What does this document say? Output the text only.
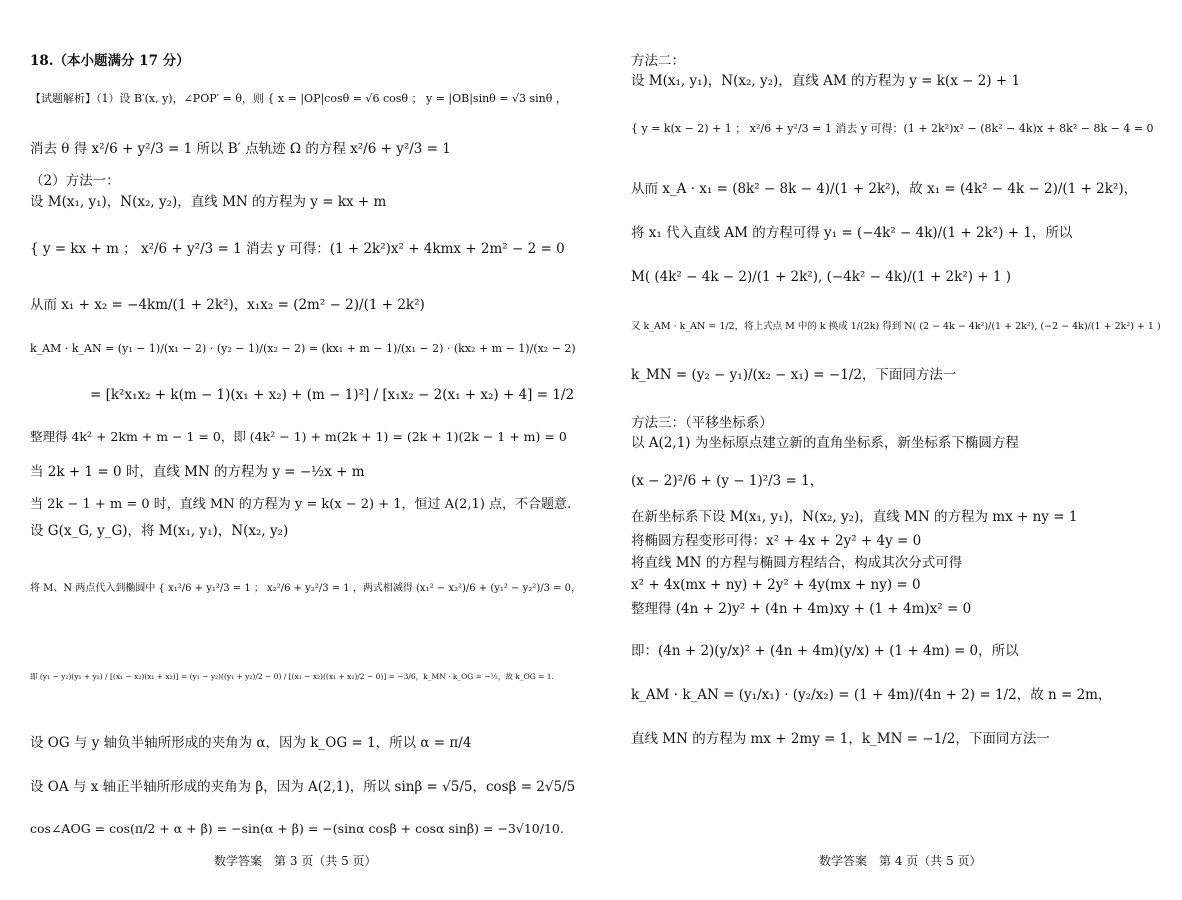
18.（本小题满分 17 分）
【试题解析】（1）设 B′(x, y)，∠POP′ = θ，则 { x = |OP|cosθ = √6 cosθ ； y = |OB|sinθ = √3 sinθ ，
消去 θ 得 x²/6 + y²/3 = 1 所以 B′ 点轨迹 Ω 的方程 x²/6 + y²/3 = 1
（2）方法一：
设 M(x₁, y₁)，N(x₂, y₂)，直线 MN 的方程为 y = kx + m
{ y = kx + m ； x²/6 + y²/3 = 1 消去 y 可得：(1 + 2k²)x² + 4kmx + 2m² − 2 = 0
从而 x₁ + x₂ = −4km/(1 + 2k²)，x₁x₂ = (2m² − 2)/(1 + 2k²)
k_AM · k_AN = (y₁ − 1)/(x₁ − 2) · (y₂ − 1)/(x₂ − 2) = (kx₁ + m − 1)/(x₁ − 2) · (kx₂ + m − 1)/(x₂ − 2)
= [k²x₁x₂ + k(m − 1)(x₁ + x₂) + (m − 1)²] / [x₁x₂ − 2(x₁ + x₂) + 4] = 1/2
整理得 4k² + 2km + m − 1 = 0，即 (4k² − 1) + m(2k + 1) = (2k + 1)(2k − 1 + m) = 0
当 2k + 1 = 0 时，直线 MN 的方程为 y = −½x + m
当 2k − 1 + m = 0 时，直线 MN 的方程为 y = k(x − 2) + 1，恒过 A(2,1) 点，不合题意.
设 G(x_G, y_G)，将 M(x₁, y₁)，N(x₂, y₂)
将 M、N 两点代入到椭圆中 { x₁²/6 + y₁²/3 = 1 ； x₂²/6 + y₂²/3 = 1 ，两式相减得 (x₁² − x₂²)/6 + (y₁² − y₂²)/3 = 0，
即 (y₁ − y₂)(y₁ + y₂) / [(x₁ − x₂)(x₁ + x₂)] = (y₁ − y₂)((y₁ + y₂)/2 − 0) / [(x₁ − x₂)((x₁ + x₂)/2 − 0)] = −3/6，k_MN · k_OG = −½，故 k_OG = 1.
设 OG 与 y 轴负半轴所形成的夹角为 α，因为 k_OG = 1，所以 α = π/4
设 OA 与 x 轴正半轴所形成的夹角为 β，因为 A(2,1)，所以 sinβ = √5/5，cosβ = 2√5/5
cos∠AOG = cos(π/2 + α + β) = −sin(α + β) = −(sinα cosβ + cosα sinβ) = −3√10/10.
数学答案　第 3 页（共 5 页）
方法二：
设 M(x₁, y₁)，N(x₂, y₂)，直线 AM 的方程为 y = k(x − 2) + 1
{ y = k(x − 2) + 1 ； x²/6 + y²/3 = 1 消去 y 可得：(1 + 2k²)x² − (8k² − 4k)x + 8k² − 8k − 4 = 0
从而 x_A · x₁ = (8k² − 8k − 4)/(1 + 2k²)，故 x₁ = (4k² − 4k − 2)/(1 + 2k²)，
将 x₁ 代入直线 AM 的方程可得 y₁ = (−4k² − 4k)/(1 + 2k²) + 1，所以
M( (4k² − 4k − 2)/(1 + 2k²), (−4k² − 4k)/(1 + 2k²) + 1 )
又 k_AM · k_AN = 1/2，将上式点 M 中的 k 换成 1/(2k) 得到 N( (2 − 4k − 4k²)/(1 + 2k²), (−2 − 4k)/(1 + 2k²) + 1 )
k_MN = (y₂ − y₁)/(x₂ − x₁) = −1/2，下面同方法一
方法三：（平移坐标系）
以 A(2,1) 为坐标原点建立新的直角坐标系，新坐标系下椭圆方程
(x − 2)²/6 + (y − 1)²/3 = 1，
在新坐标系下设 M(x₁, y₁)，N(x₂, y₂)，直线 MN 的方程为 mx + ny = 1
将椭圆方程变形可得：x² + 4x + 2y² + 4y = 0
将直线 MN 的方程与椭圆方程结合，构成其次分式可得
x² + 4x(mx + ny) + 2y² + 4y(mx + ny) = 0
整理得 (4n + 2)y² + (4n + 4m)xy + (1 + 4m)x² = 0
即：(4n + 2)(y/x)² + (4n + 4m)(y/x) + (1 + 4m) = 0，所以
k_AM · k_AN = (y₁/x₁) · (y₂/x₂) = (1 + 4m)/(4n + 2) = 1/2，故 n = 2m，
直线 MN 的方程为 mx + 2my = 1，k_MN = −1/2，下面同方法一
数学答案　第 4 页（共 5 页）
